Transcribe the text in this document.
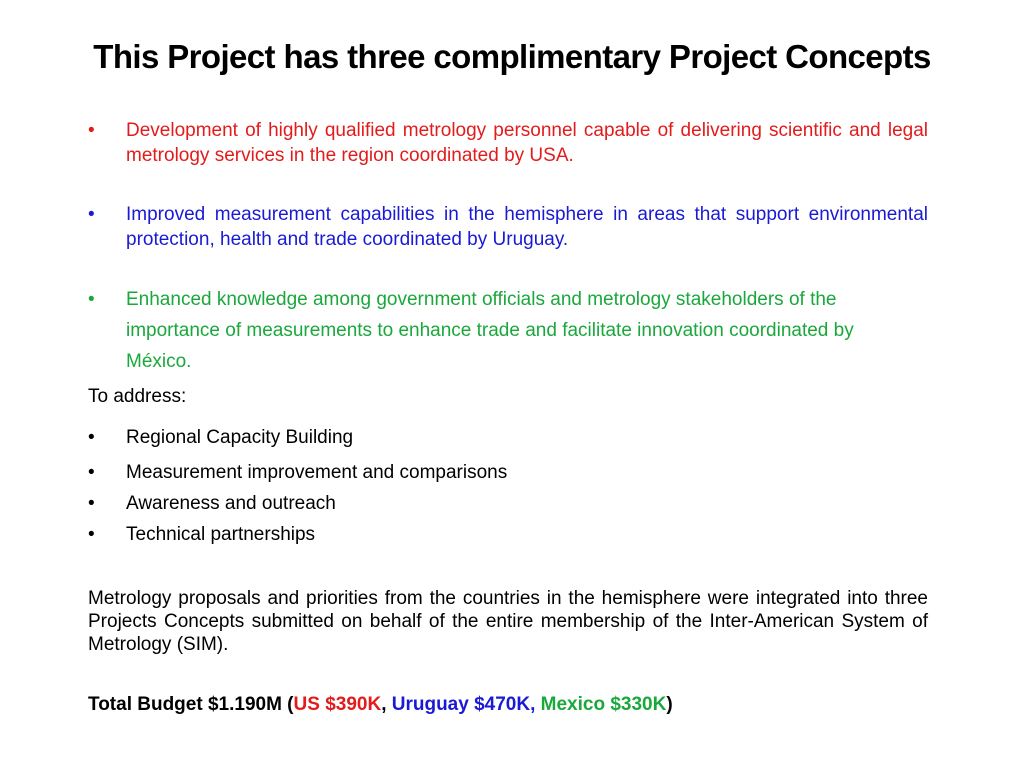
This Project has three complimentary Project Concepts
• Development of highly qualified metrology personnel capable of delivering scientific and legal metrology services in the region coordinated by USA.
• Improved measurement capabilities in the hemisphere in areas that support environmental protection, health and trade coordinated by Uruguay.
• Enhanced knowledge among government officials and metrology stakeholders of the importance of measurements to enhance trade and facilitate innovation coordinated by México.
To address:
• Regional Capacity Building
• Measurement improvement and comparisons
• Awareness and outreach
• Technical partnerships
Metrology proposals and priorities from the countries in the hemisphere were integrated into three Projects Concepts submitted on behalf of the entire membership of the Inter-American System of Metrology (SIM).
Total Budget $1.190M (US $390K, Uruguay $470K, Mexico $330K)
